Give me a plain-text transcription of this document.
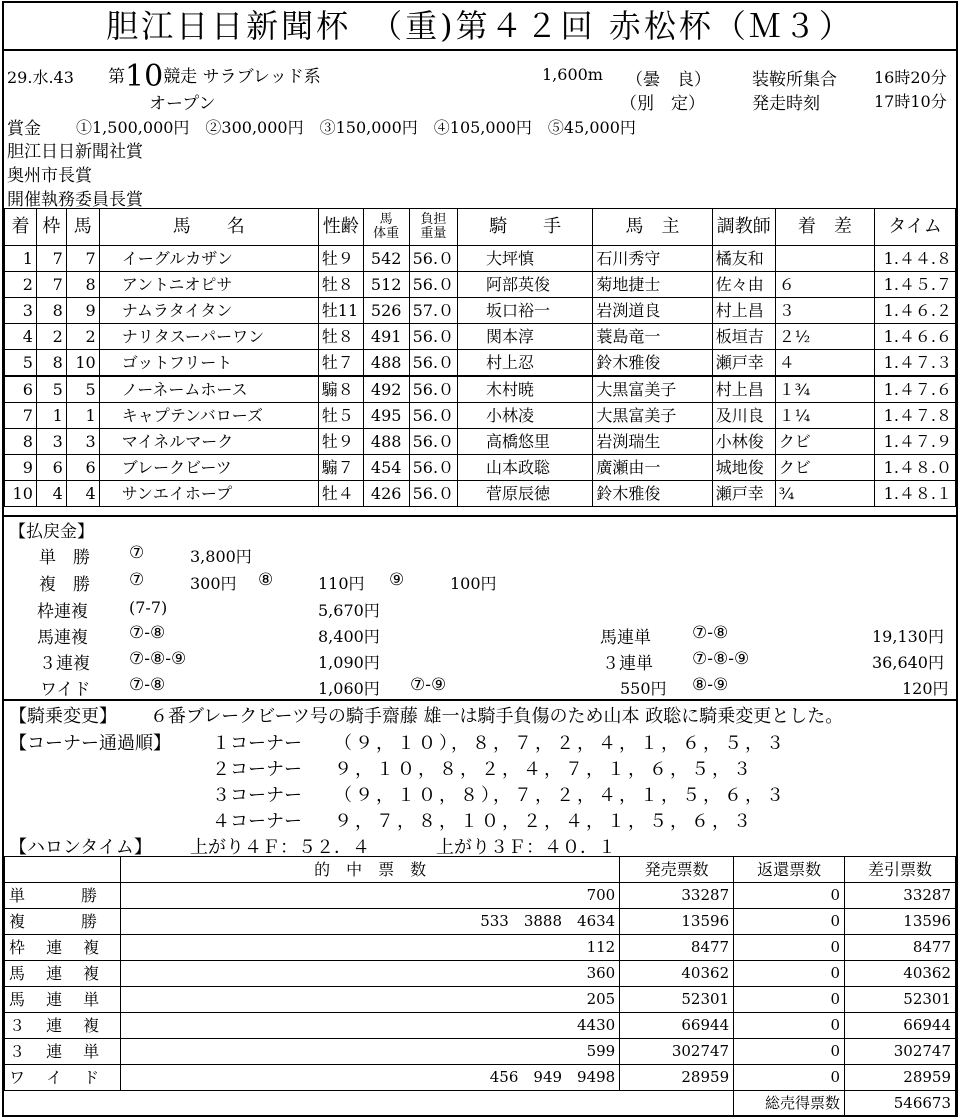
胆江日日新聞杯　（重)第４２回 赤松杯（Ｍ３）
29.水.43 第10競走 サラブレッド系	1,600m （曇　良） 装鞍所集合 16時20分
オープン	（別　定）	発走時刻	17時10分
賞金 ①1,500,000円　②300,000円　③150,000円　④105,000円　⑤45,000円
胆江日日新聞社賞
奥州市長賞
開催執務委員長賞
着	枠	馬	馬　　名	性齢	馬
体重	負担
重量	騎　　手	馬　主	調教師	着　差	タイム
1	7	7	イーグルカザン	牡９	542	56.０	大坪慎	石川秀守	橘友和		1.４４.８
2	7	8	アントニオピサ	牡８	512	56.０	阿部英俊	菊地捷士	佐々由	６	1.４５.７
3	8	9	ナムラタイタン	牡11	526	57.０	坂口裕一	岩渕道良	村上昌	３	1.４６.２
4	2	2	ナリタスーパーワン	牡８	491	56.０	関本淳	蓑島竜一	板垣吉	２½	1.４６.６
5	8	10	ゴットフリート	牡７	488	56.０	村上忍	鈴木雅俊	瀬戸幸	４	1.４７.３
6	5	5	ノーネームホース	騸８	492	56.０	木村暁	大黒富美子	村上昌	１¾	1.４７.６
7	1	1	キャプテンバローズ	牡５	495	56.０	小林凌	大黒富美子	及川良	１¼	1.４７.８
8	3	3	マイネルマーク	牡９	488	56.０	高橋悠里	岩渕瑞生	小林俊	クビ	1.４７.９
9	6	6	ブレークビーツ	騸７	454	56.０	山本政聡	廣瀬由一	城地俊	クビ	1.４８.０
10	4	4	サンエイホープ	牡４	426	56.０	菅原辰徳	鈴木雅俊	瀬戸幸	¾	1.４８.１
【払戻金】
単　勝 ⑦	3,800円
複　勝 ⑦	300円 ⑧	110円 ⑨	100円
枠連複	(7-7)	5,670円
馬連複 ⑦-⑧	8,400円	馬連単 ⑦-⑧	19,130円
３連複 ⑦-⑧-⑨	1,090円	３連単 ⑦-⑧-⑨	36,640円
ワイド ⑦-⑧	1,060円 ⑦-⑨	550円 ⑧-⑨	120円
【騎乗変更】 ６番ブレークビーツ号の騎手齋藤 雄一は騎手負傷のため山本 政聡に騎乗変更とした。
【コーナー通過順】 １コーナー （９，１０），８，７，２，４，１，６，５，３
２コーナー ９，１０，８，２，４，７，１，６，５，３
３コーナー （９，１０，８），７，２，４，１，５，６，３
４コーナー ９，７，８，１０，２，４，１，５，６，３
【ハロンタイム】 上がり４Ｆ：５２．４	上がり３Ｆ：４０．１
	的　中　票　数	発売票数	返還票数	差引票数
単　　勝	700	33287	0	33287
複　　勝	533　3888　4634	13596	0	13596
枠 連 複	112	8477	0	8477
馬 連 複	360	40362	0	40362
馬 連 単	205	52301	0	52301
３ 連 複	4430	66944	0	66944
３ 連 単	599	302747	0	302747
ワ イ ド	456　949　9498	28959	0	28959
			総売得票数	546673
